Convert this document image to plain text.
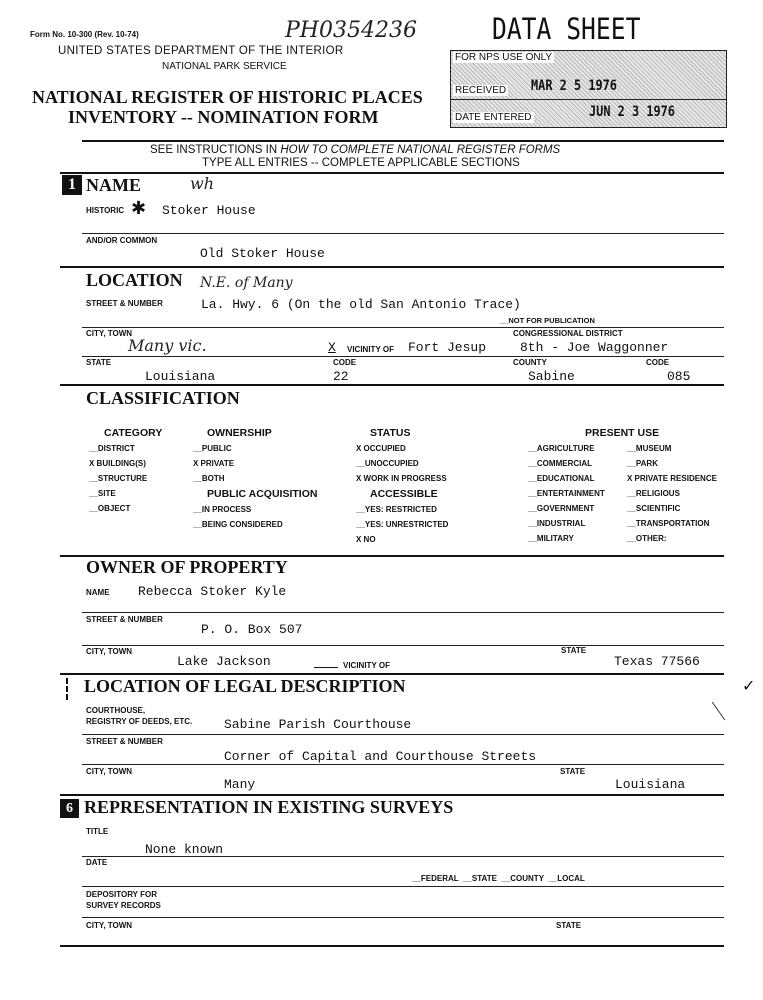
Form No. 10-300 (Rev. 10-74)	PH0354236	DATA SHEET
UNITED STATES DEPARTMENT OF THE INTERIOR
NATIONAL PARK SERVICE
NATIONAL REGISTER OF HISTORIC PLACES
INVENTORY -- NOMINATION FORM
FOR NPS USE ONLY
RECEIVED MAR 2 5 1976
DATE ENTERED	JUN 2 3 1976
SEE INSTRUCTIONS IN HOW TO COMPLETE NATIONAL REGISTER FORMS
TYPE ALL ENTRIES -- COMPLETE APPLICABLE SECTIONS
1 NAME	wh
HISTORIC ✱ Stoker House
AND/OR COMMON
Old Stoker House
LOCATION N.E. of Many
STREET & NUMBER	La. Hwy. 6 (On the old San Antonio Trace)
__NOT FOR PUBLICATION
CITY, TOWN
Many vic.	X VICINITY OF Fort Jesup
CONGRESSIONAL DISTRICT
8th - Joe Waggonner
STATE
Louisiana
CODE
22
COUNTY
Sabine
CODE
085
CLASSIFICATION
CATEGORY
__DISTRICT
X BUILDING(S)
__STRUCTURE
__SITE
__OBJECT
OWNERSHIP
__PUBLIC
X PRIVATE
__BOTH
PUBLIC ACQUISITION
__IN PROCESS
__BEING CONSIDERED
STATUS
X OCCUPIED
__UNOCCUPIED
X WORK IN PROGRESS
ACCESSIBLE
__YES: RESTRICTED
__YES: UNRESTRICTED
X NO
PRESENT USE
__AGRICULTURE
__COMMERCIAL
__EDUCATIONAL
__ENTERTAINMENT
__GOVERNMENT
__INDUSTRIAL
__MILITARY
__MUSEUM
__PARK
X PRIVATE RESIDENCE
__RELIGIOUS
__SCIENTIFIC
__TRANSPORTATION
__OTHER:
OWNER OF PROPERTY
NAME Rebecca Stoker Kyle
STREET & NUMBER
P. O. Box 507
CITY, TOWN
Lake Jackson	VICINITY OF
STATE
Texas 77566
LOCATION OF LEGAL DESCRIPTION
COURTHOUSE,
REGISTRY OF DEEDS, ETC. Sabine Parish Courthouse
STREET & NUMBER
Corner of Capital and Courthouse Streets
CITY, TOWN
Many
STATE
Louisiana
6 REPRESENTATION IN EXISTING SURVEYS
TITLE
None known
DATE
__FEDERAL  __STATE  __COUNTY  __LOCAL
DEPOSITORY FOR
SURVEY RECORDS
CITY, TOWN	STATE
✓
